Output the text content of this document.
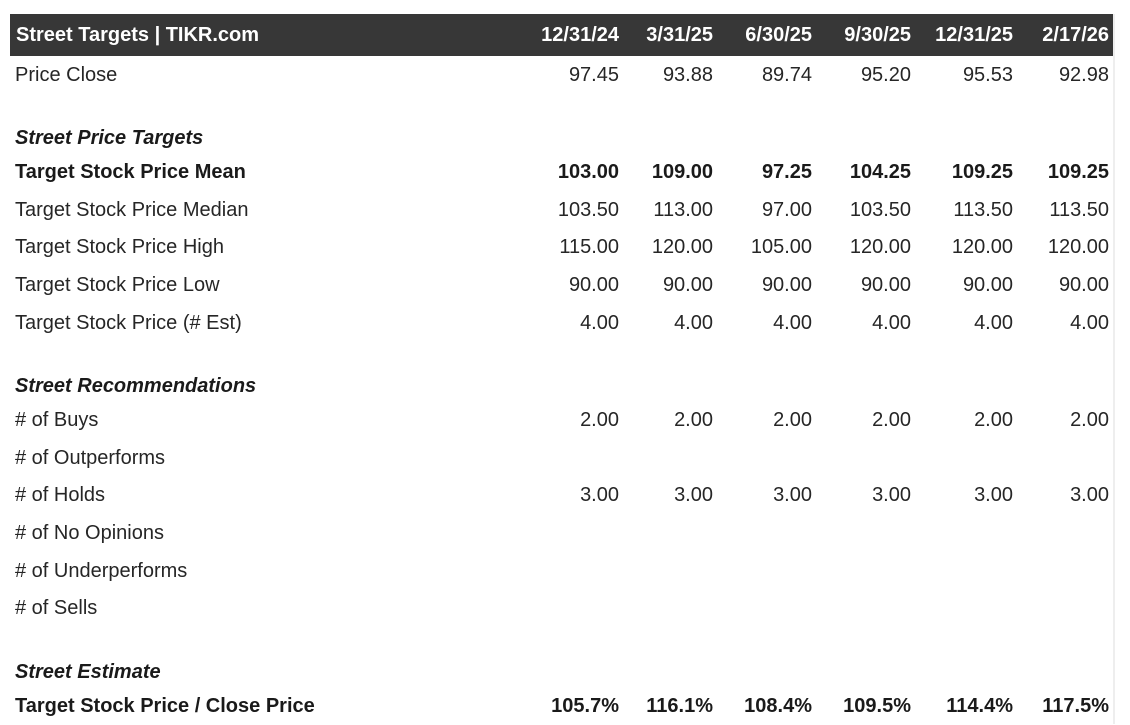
Street Targets | TIKR.com	12/31/24	3/31/25	6/30/25	9/30/25	12/31/25	2/17/26
Price Close	97.45	93.88	89.74	95.20	95.53	92.98
Street Price Targets						
Target Stock Price Mean	103.00	109.00	97.25	104.25	109.25	109.25
Target Stock Price Median	103.50	113.00	97.00	103.50	113.50	113.50
Target Stock Price High	115.00	120.00	105.00	120.00	120.00	120.00
Target Stock Price Low	90.00	90.00	90.00	90.00	90.00	90.00
Target Stock Price (# Est)	4.00	4.00	4.00	4.00	4.00	4.00
Street Recommendations						
# of Buys	2.00	2.00	2.00	2.00	2.00	2.00
# of Outperforms						
# of Holds	3.00	3.00	3.00	3.00	3.00	3.00
# of No Opinions						
# of Underperforms						
# of Sells						
Street Estimate						
Target Stock Price / Close Price	105.7%	116.1%	108.4%	109.5%	114.4%	117.5%
